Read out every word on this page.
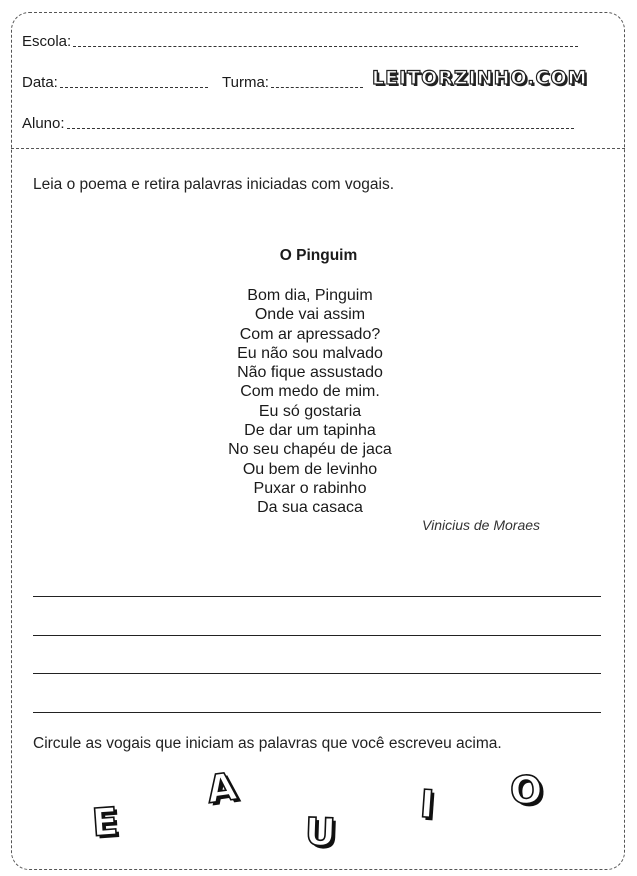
Escola:
Data:	Turma:	LEITORZINHO.COM
Aluno:
Leia o poema e retira palavras iniciadas com vogais.
O Pinguim
Bom dia, Pinguim
Onde vai assim
Com ar apressado?
Eu não sou malvado
Não fique assustado
Com medo de mim.
Eu só gostaria
De dar um tapinha
No seu chapéu de jaca
Ou bem de levinho
Puxar o rabinho
Da sua casaca
Vinicius de Moraes
Circule as vogais que iniciam as palavras que você escreveu acima.
E
A
U
I O
